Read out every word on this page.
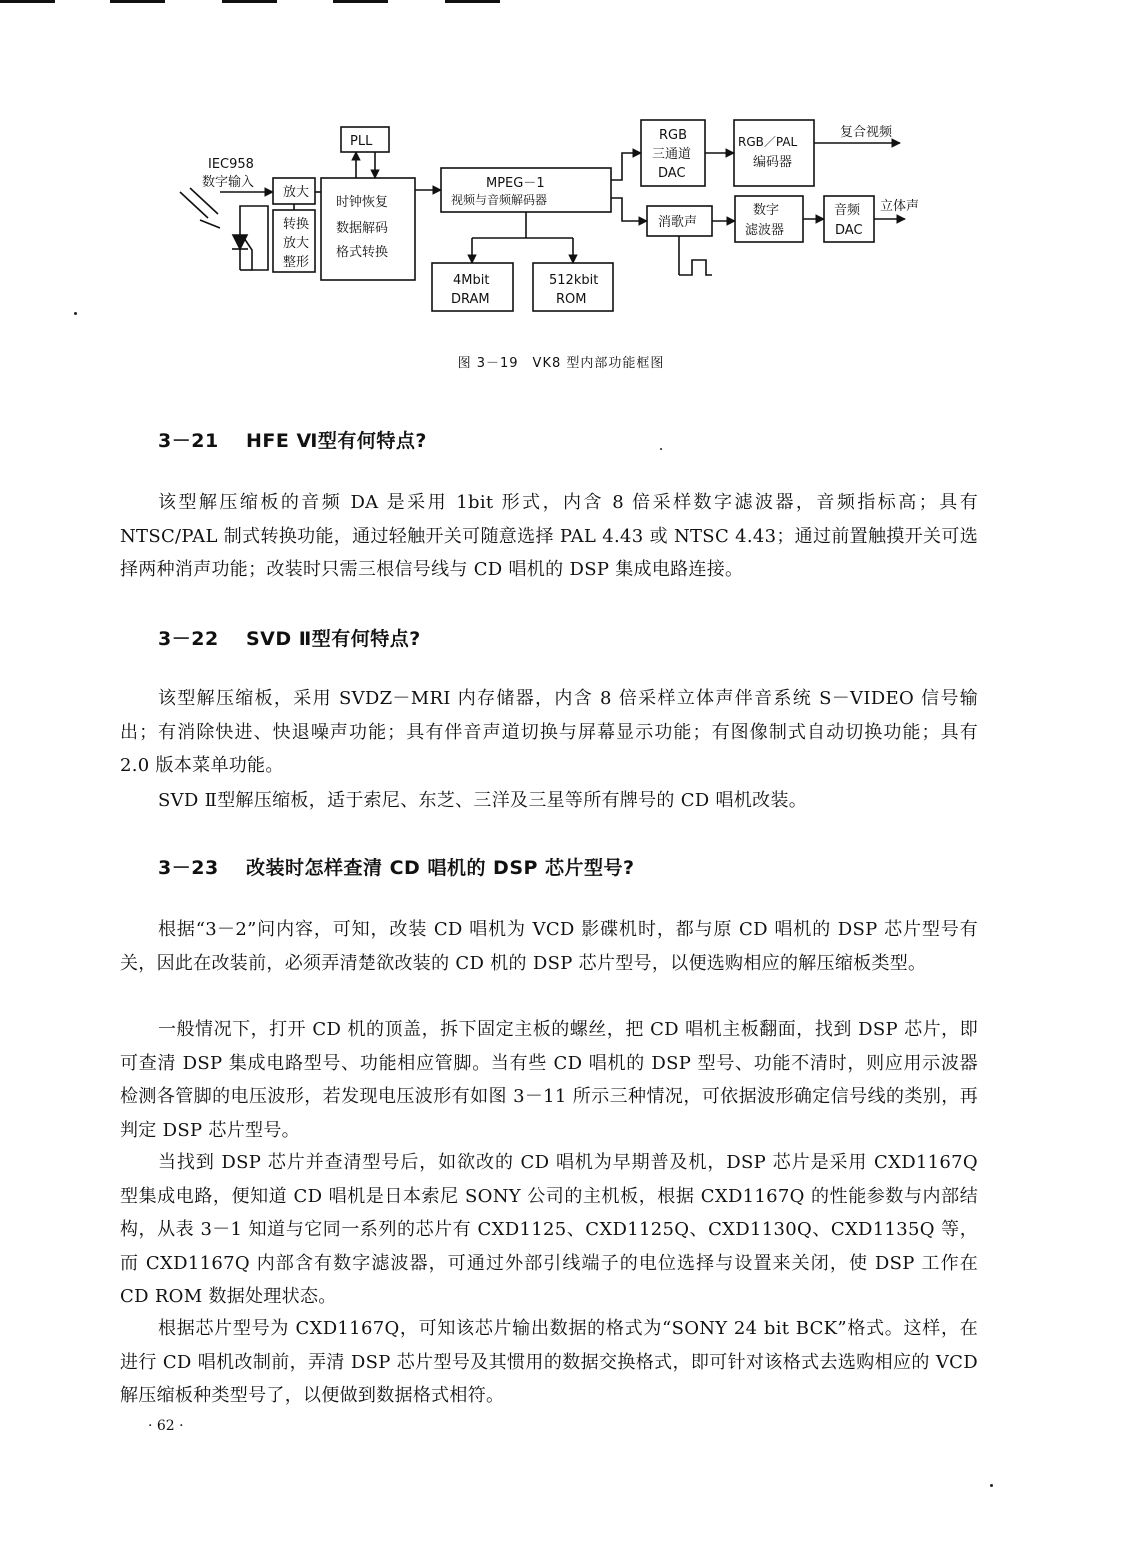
IEC958
数字输入
放大
转换
放大
整形
PLL
时钟恢复
数据解码
格式转换
MPEG－1
视频与音频解码器
4Mbit
DRAM
512kbit
ROM
RGB
三通道
DAC
RGB／PAL
编码器
复合视频
消歌声
数字
滤波器
音频
DAC
立体声
图 3－19　VK8 型内部功能框图
3－21 HFE Ⅵ型有何特点?

该型解压缩板的音频 DA 是采用 1bit 形式，内含 8 倍采样数字滤波器，音频指标高；具有 NTSC/PAL 制式转换功能，通过轻触开关可随意选择 PAL 4.43 或 NTSC 4.43；通过前置触摸开关可选择两种消声功能；改装时只需三根信号线与 CD 唱机的 DSP 集成电路连接。

3－22 SVD Ⅱ型有何特点?

该型解压缩板，采用 SVDZ－MRI 内存储器，内含 8 倍采样立体声伴音系统 S－VIDEO 信号输出；有消除快进、快退噪声功能；具有伴音声道切换与屏幕显示功能；有图像制式自动切换功能；具有 2.0 版本菜单功能。

SVD Ⅱ型解压缩板，适于索尼、东芝、三洋及三星等所有牌号的 CD 唱机改装。

3－23 改装时怎样查清 CD 唱机的 DSP 芯片型号?

根据“3－2”问内容，可知，改装 CD 唱机为 VCD 影碟机时，都与原 CD 唱机的 DSP 芯片型号有关，因此在改装前，必须弄清楚欲改装的 CD 机的 DSP 芯片型号，以便选购相应的解压缩板类型。

一般情况下，打开 CD 机的顶盖，拆下固定主板的螺丝，把 CD 唱机主板翻面，找到 DSP 芯片，即可查清 DSP 集成电路型号、功能相应管脚。当有些 CD 唱机的 DSP 型号、功能不清时，则应用示波器检测各管脚的电压波形，若发现电压波形有如图 3－11 所示三种情况，可依据波形确定信号线的类别，再判定 DSP 芯片型号。

当找到 DSP 芯片并查清型号后，如欲改的 CD 唱机为早期普及机，DSP 芯片是采用 CXD1167Q 型集成电路，便知道 CD 唱机是日本索尼 SONY 公司的主机板，根据 CXD1167Q 的性能参数与内部结构，从表 3－1 知道与它同一系列的芯片有 CXD1125、CXD1125Q、CXD1130Q、CXD1135Q 等，而 CXD1167Q 内部含有数字滤波器，可通过外部引线端子的电位选择与设置来关闭，使 DSP 工作在 CD ROM 数据处理状态。

根据芯片型号为 CXD1167Q，可知该芯片输出数据的格式为“SONY 24 bit BCK”格式。这样，在进行 CD 唱机改制前，弄清 DSP 芯片型号及其惯用的数据交换格式，即可针对该格式去选购相应的 VCD 解压缩板种类型号了，以便做到数据格式相符。

· 62 ·
